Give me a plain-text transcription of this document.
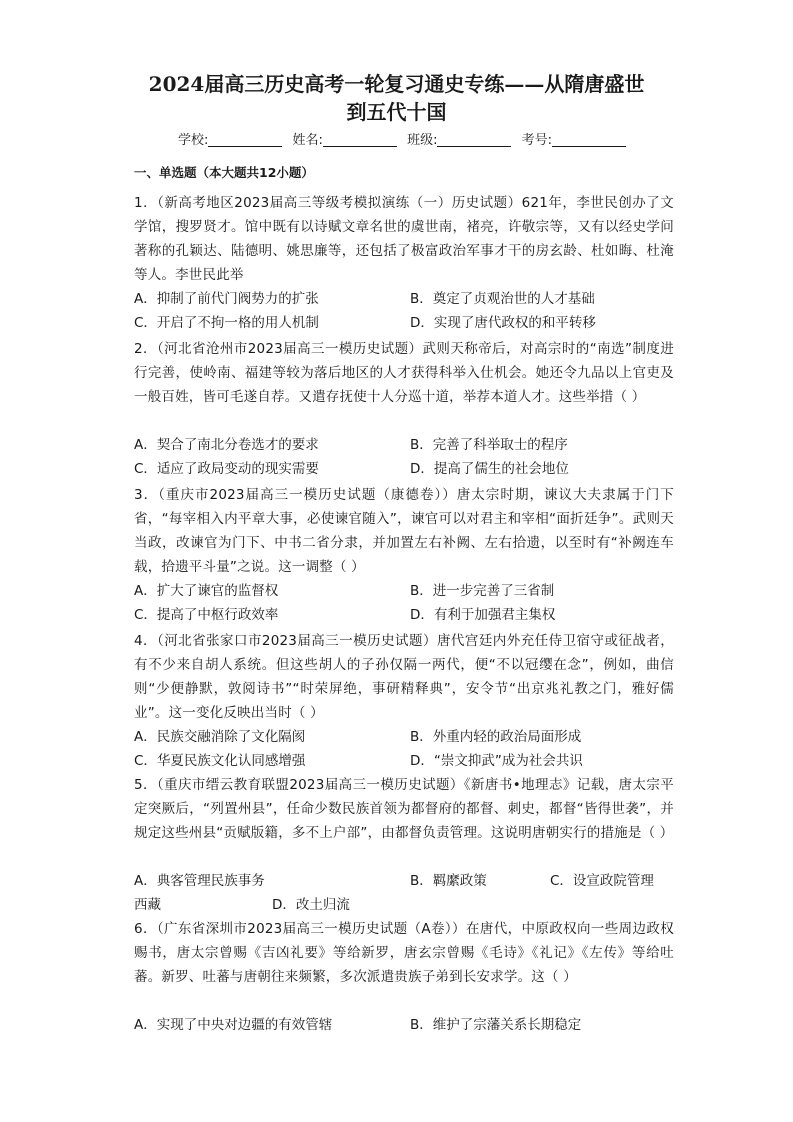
2024届高三历史高考一轮复习通史专练——从隋唐盛世
到五代十国
学校:	姓名:	班级:	考号:

一、单选题（本大题共12小题）

1．（新高考地区2023届高三等级考模拟演练（一）历史试题）621年，李世民创办了文学馆，搜罗贤才。馆中既有以诗赋文章名世的虞世南，褚亮，许敬宗等，又有以经史学问著称的孔颖达、陆德明、姚思廉等，还包括了极富政治军事才干的房玄龄、杜如晦、杜淹等人。李世民此举

A．抑制了前代门阀势力的扩张	B．奠定了贞观治世的人才基础

C．开启了不拘一格的用人机制	D．实现了唐代政权的和平转移

2．（河北省沧州市2023届高三一模历史试题）武则天称帝后，对高宗时的“南选”制度进行完善，使岭南、福建等较为落后地区的人才获得科举入仕机会。她还令九品以上官吏及一般百姓，皆可毛遂自荐。又遣存抚使十人分巡十道，举荐本道人才。这些举措（ ）

A．契合了南北分卷选才的要求	B．完善了科举取士的程序

C．适应了政局变动的现实需要	D．提高了儒生的社会地位

3．（重庆市2023届高三一模历史试题（康德卷））唐太宗时期，谏议大夫隶属于门下省，“每宰相入内平章大事，必使谏官随入”，谏官可以对君主和宰相“面折廷争”。武则天当政，改谏官为门下、中书二省分隶，并加置左右补阙、左右拾遗，以至时有“补阙连车载，拾遗平斗量”之说。这一调整（ ）

A．扩大了谏官的监督权	B．进一步完善了三省制

C．提高了中枢行政效率	D．有利于加强君主集权

4．（河北省张家口市2023届高三一模历史试题）唐代宫廷内外充任侍卫宿守或征战者，有不少来自胡人系统。但这些胡人的子孙仅隔一两代，便“不以冠缨在念”，例如，曲信则“少便静默，敦阅诗书”“时荣屏绝，事研精释典”，安令节“出京兆礼教之门，雅好儒业”。这一变化反映出当时（ ）

A．民族交融消除了文化隔阂	B．外重内轻的政治局面形成

C．华夏民族文化认同感增强	D．“崇文抑武”成为社会共识

5．（重庆市缙云教育联盟2023届高三一模历史试题）《新唐书•地理志》记载，唐太宗平定突厥后，“列置州县”，任命少数民族首领为都督府的都督、刺史，都督“皆得世袭”，并规定这些州县“贡赋版籍，多不上户部”，由都督负责管理。这说明唐朝实行的措施是（ ）

A．典客管理民族事务	B．羁縻政策	C．设宣政院管理

西藏	D．改土归流

6．（广东省深圳市2023届高三一模历史试题（A卷））在唐代，中原政权向一些周边政权赐书，唐太宗曾赐《吉凶礼要》等给新罗，唐玄宗曾赐《毛诗》《礼记》《左传》等给吐蕃。新罗、吐蕃与唐朝往来频繁，多次派遣贵族子弟到长安求学。这（ ）

A．实现了中央对边疆的有效管辖	B．维护了宗藩关系长期稳定
